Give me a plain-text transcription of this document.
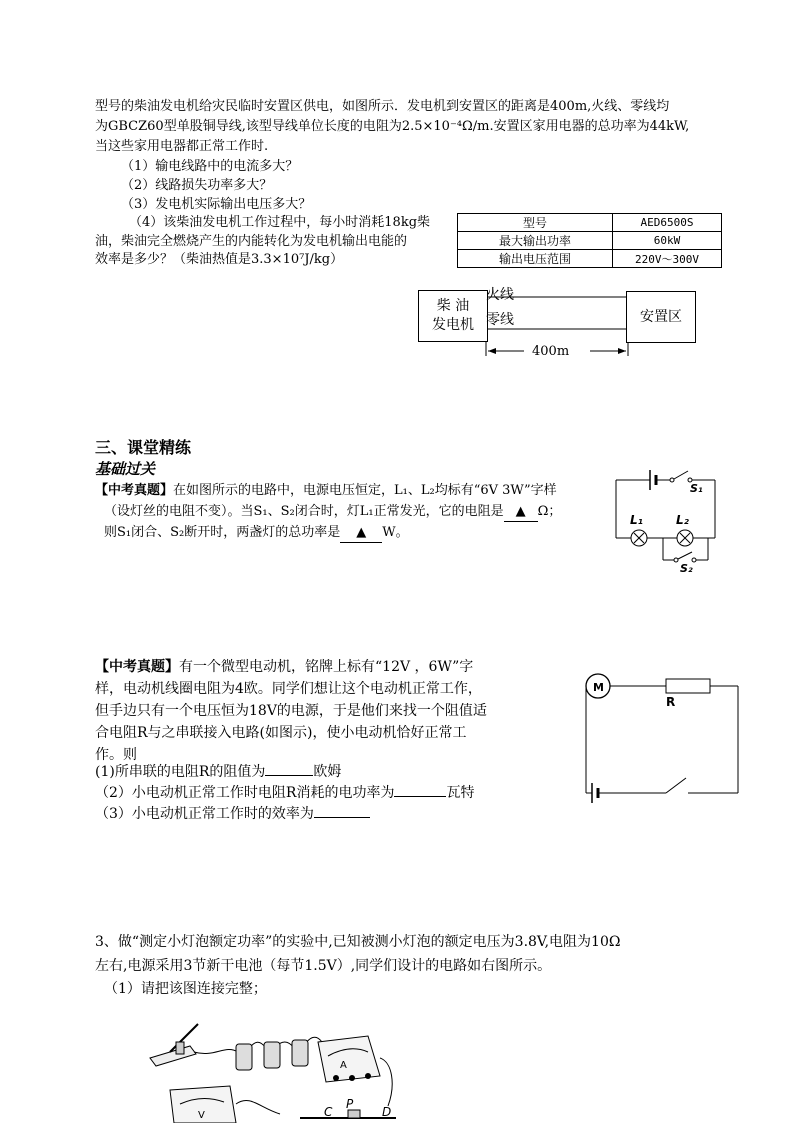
型号的柴油发电机给灾民临时安置区供电，如图所示．发电机到安置区的距离是400m,火线、零线均
为GBCZ60型单股铜导线,该型导线单位长度的电阻为2.5×10⁻⁴Ω/m.安置区家用电器的总功率为44kW,
当这些家用电器都正常工作时.
（1）输电线路中的电流多大？
（2）线路损失功率多大？
（3）发电机实际输出电压多大？
（4）该柴油发电机工作过程中，每小时消耗18kg柴
油，柴油完全燃烧产生的内能转化为发电机输出电能的
效率是多少？（柴油热值是3.3×10⁷J/kg）
型号	AED6500S
最大输出功率	60kW
输出电压范围	220V～300V
柴 油
发电机
安置区
火线
零线
400m
三、课堂精练
基础过关
【中考真题】在如图所示的电路中，电源电压恒定，L₁、L₂均标有“6V 3W”字样
（设灯丝的电阻不变）。当S₁、S₂闭合时，灯L₁正常发光，它的电阻是 ▲ Ω；
则S₁闭合、S₂断开时，两盏灯的总功率是 ▲ W。
S₁
L₁	L₂
S₂
【中考真题】有一个微型电动机，铭牌上标有“12V ，6W”字
样，电动机线圈电阻为4欧。同学们想让这个电动机正常工作，
但手边只有一个电压恒为18V的电源，于是他们来找一个阻值适
合电阻R与之串联接入电路(如图示)，使小电动机恰好正常工
作。则
(1)所串联的电阻R的阻值为	欧姆
（2）小电动机正常工作时电阻R消耗的电功率为	瓦特
（3）小电动机正常工作时的效率为
M
R
3、做“测定小灯泡额定功率”的实验中,已知被测小灯泡的额定电压为3.8V,电阻为10Ω
左右,电源采用3节新干电池（每节1.5V）,同学们设计的电路如右图所示。
（1）请把该图连接完整；
A
V	C
P
D
